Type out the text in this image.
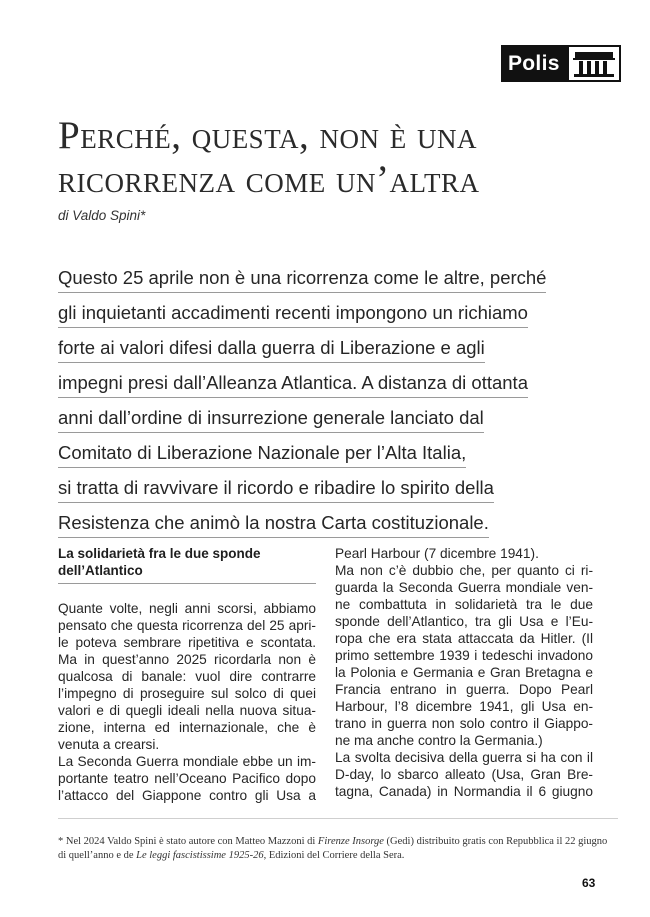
Polis
Perché, questa, non è una
ricorrenza come un’altra

di Valdo Spini*

Questo 25 aprile non è una ricorrenza come le altre, perché
gli inquietanti accadimenti recenti impongono un richiamo
forte ai valori difesi dalla guerra di Liberazione e agli
impegni presi dall’Alleanza Atlantica. A distanza di ottanta
anni dall’ordine di insurrezione generale lanciato dal
Comitato di Liberazione Nazionale per l’Alta Italia,
si tratta di ravvivare il ricordo e ribadire lo spirito della
Resistenza che animò la nostra Carta costituzionale.
La solidarietà fra le due sponde
dell’Atlantico
Quante volte, negli anni scorsi, abbiamo
pensato che questa ricorrenza del 25 apri-
le poteva sembrare ripetitiva e scontata.
Ma in quest’anno 2025 ricordarla non è
qualcosa di banale: vuol dire contrarre
l’impegno di proseguire sul solco di quei
valori e di quegli ideali nella nuova situa-
zione, interna ed internazionale, che è
venuta a crearsi.
La Seconda Guerra mondiale ebbe un im-
portante teatro nell’Oceano Pacifico dopo
l’attacco del Giappone contro gli Usa a
Pearl Harbour (7 dicembre 1941).
Ma non c’è dubbio che, per quanto ci ri-
guarda la Seconda Guerra mondiale ven-
ne combattuta in solidarietà tra le due
sponde dell’Atlantico, tra gli Usa e l’Eu-
ropa che era stata attaccata da Hitler. (Il
primo settembre 1939 i tedeschi invadono
la Polonia e Germania e Gran Bretagna e
Francia entrano in guerra. Dopo Pearl
Harbour, l’8 dicembre 1941, gli Usa en-
trano in guerra non solo contro il Giappo-
ne ma anche contro la Germania.)
La svolta decisiva della guerra si ha con il
D-day, lo sbarco alleato (Usa, Gran Bre-
tagna, Canada) in Normandia il 6 giugno

* Nel 2024 Valdo Spini è stato autore con Matteo Mazzoni di Firenze Insorge (Gedi) distribuito gratis con Repubblica il 22 giugno di quell’anno e de Le leggi fascistissime 1925-26, Edizioni del Corriere della Sera.

63
